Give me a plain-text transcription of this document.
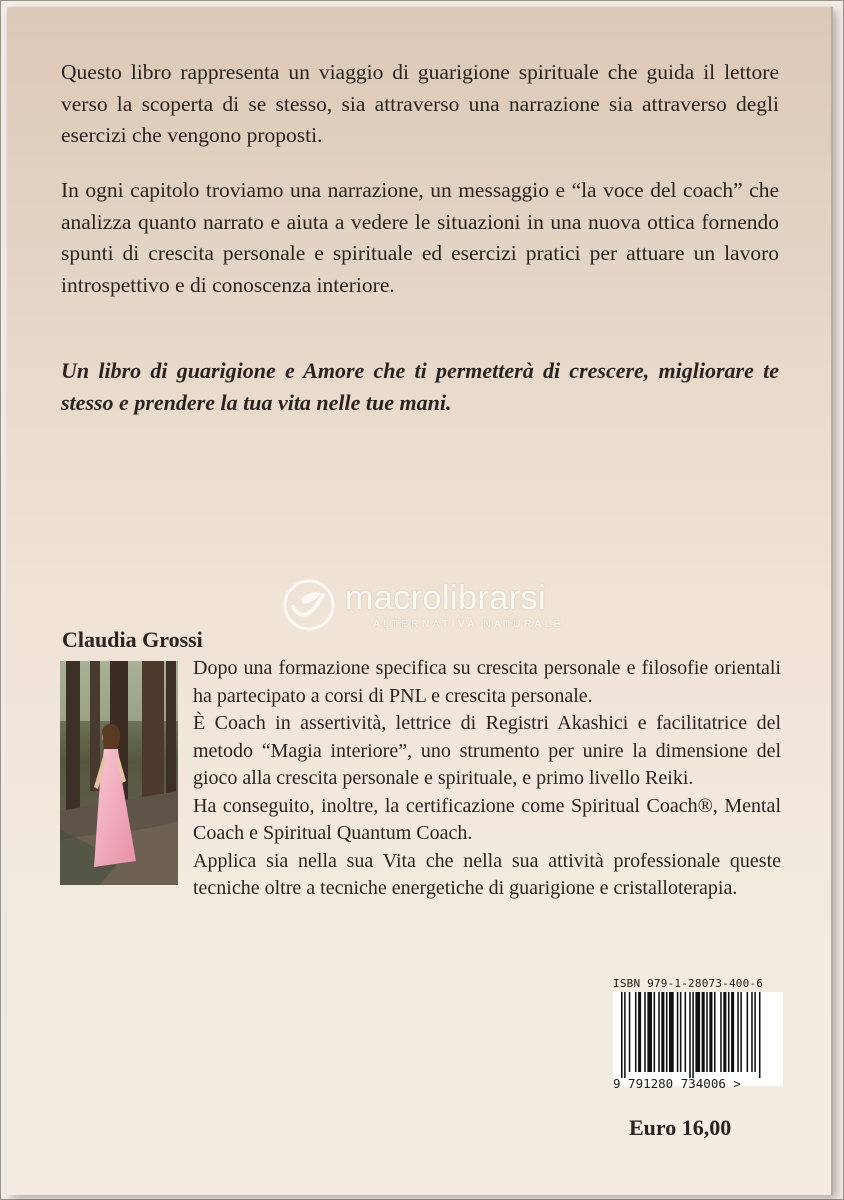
Questo libro rappresenta un viaggio di guarigione spirituale che guida il lettore verso la scoperta di se stesso, sia attraverso una narrazione sia attraverso degli esercizi che vengono proposti.

In ogni capitolo troviamo una narrazione, un messaggio e “la voce del coach” che analizza quanto narrato e aiuta a vedere le situazioni in una nuova ottica fornendo spunti di crescita personale e spirituale ed esercizi pratici per attuare un lavoro introspettivo e di conoscenza interiore.

Un libro di guarigione e Amore che ti permetterà di crescere, migliorare te stesso e prendere la tua vita nelle tue mani.

macrolibrarsi
ALTERNATIVA NATURALE
Claudia Grossi

Dopo una formazione specifica su crescita personale e filosofie orientali ha partecipato a corsi di PNL e crescita personale.

È Coach in assertività, lettrice di Registri Akashici e facilitatrice del metodo “Magia interiore”, uno strumento per unire la dimensione del gioco alla crescita personale e spirituale, e primo livello Reiki.

Ha conseguito, inoltre, la certificazione come Spiritual Coach®, Mental Coach e Spiritual Quantum Coach.

Applica sia nella sua Vita che nella sua attività professionale queste tecniche oltre a tecniche energetiche di guarigione e cristalloterapia.

ISBN 979-1-28073-400-6
9 791280 734006 >

Euro 16,00
